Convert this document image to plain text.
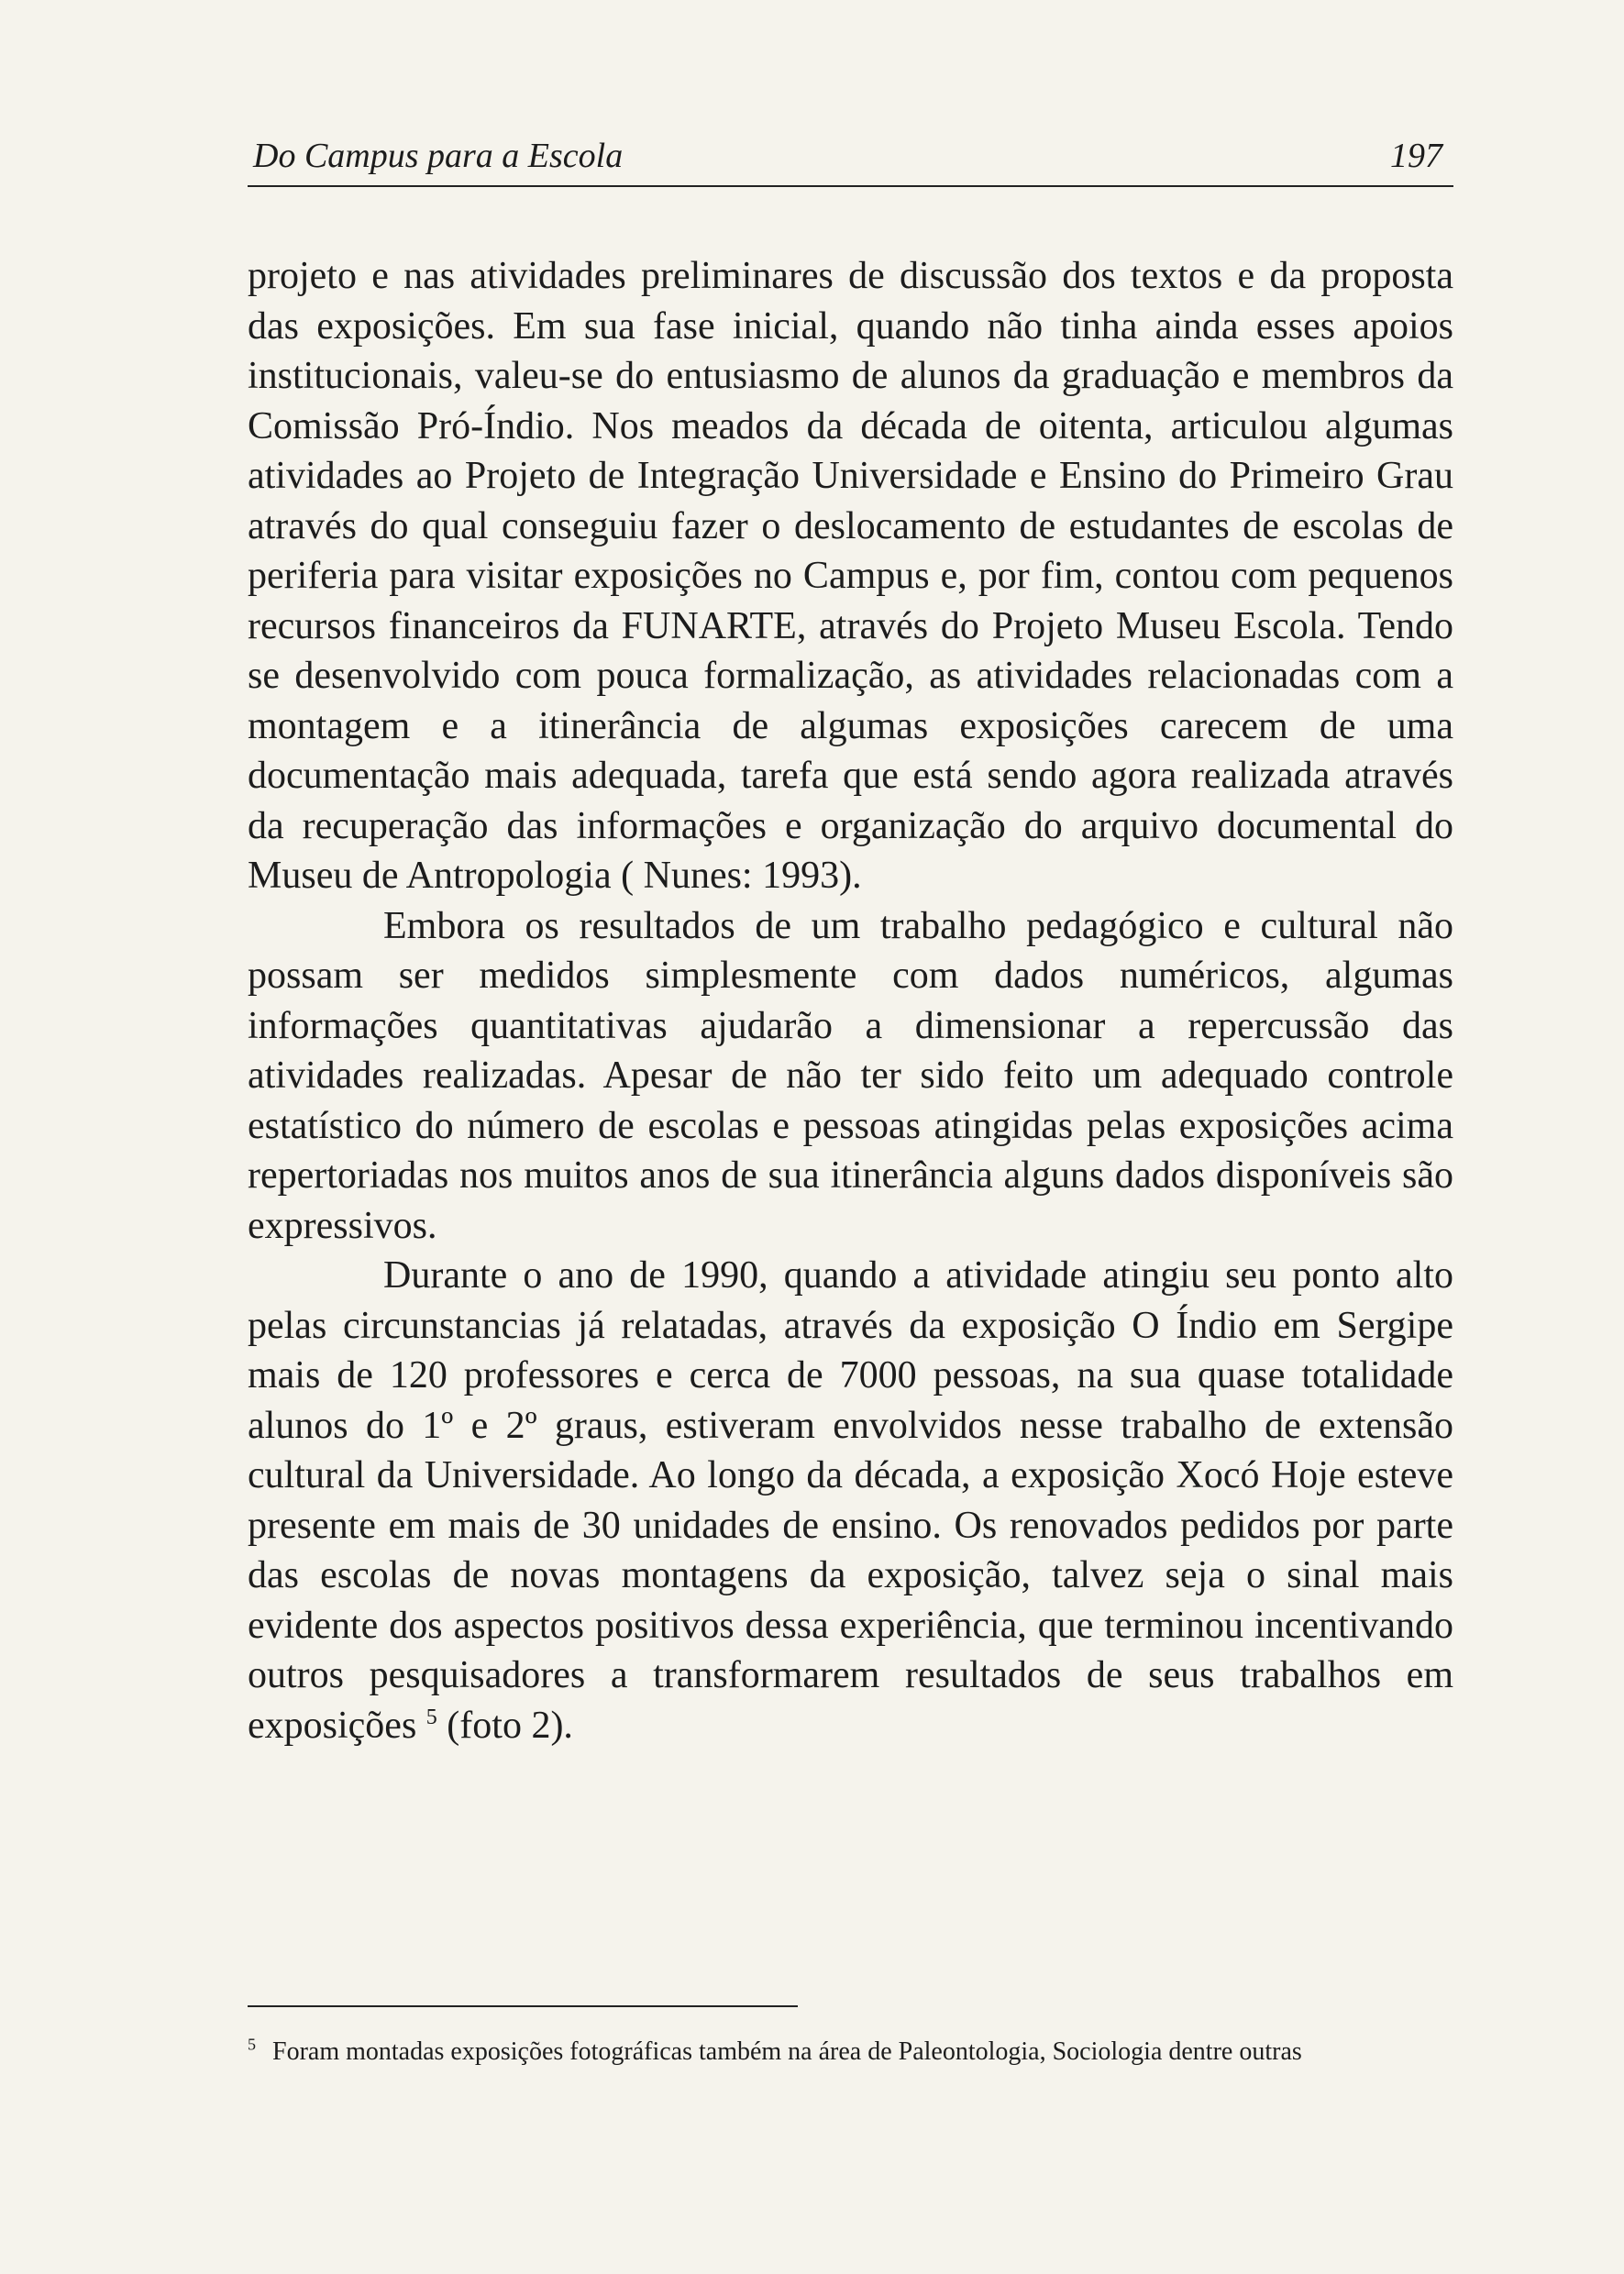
Do Campus para a Escola	197

projeto e nas atividades preliminares de discussão dos textos e da proposta das exposições. Em sua fase inicial, quando não tinha ainda esses apoios institucionais, valeu-se do entusiasmo de alunos da graduação e membros da Comissão Pró-Índio. Nos meados da década de oitenta, articulou algumas atividades ao Projeto de Integração Universidade e Ensino do Primeiro Grau através do qual conseguiu fazer o deslocamento de estudantes de escolas de periferia para visitar exposições no Campus e, por fim, contou com pequenos recursos financeiros da FUNARTE, através do Projeto Museu Escola. Tendo se desenvolvido com pouca formalização, as atividades relacionadas com a montagem e a itinerância de algumas exposições carecem de uma documentação mais adequada, tarefa que está sendo agora realizada através da recuperação das informações e organização do arquivo documental do Museu de Antropologia ( Nunes: 1993).

Embora os resultados de um trabalho pedagógico e cultural não possam ser medidos simplesmente com dados numéricos, algumas informações quantitativas ajudarão a dimensionar a repercussão das atividades realizadas. Apesar de não ter sido feito um adequado controle estatístico do número de escolas e pessoas atingidas pelas exposições acima repertoriadas nos muitos anos de sua itinerância alguns dados disponíveis são expressivos.

Durante o ano de 1990, quando a atividade atingiu seu ponto alto pelas circunstancias já relatadas, através da exposição O Índio em Sergipe mais de 120 professores e cerca de 7000 pessoas, na sua quase totalidade alunos do 1º e 2º graus, estiveram envolvidos nesse trabalho de extensão cultural da Universidade. Ao longo da década, a exposição Xocó Hoje esteve presente em mais de 30 unidades de ensino. Os renovados pedidos por parte das escolas de novas montagens da exposição, talvez seja o sinal mais evidente dos aspectos positivos dessa experiência, que terminou incentivando outros pesquisadores a transformarem resultados de seus trabalhos em exposições $^5$ (foto 2).

$^5$ Foram montadas exposições fotográficas também na área de Paleontologia, Sociologia dentre outras
